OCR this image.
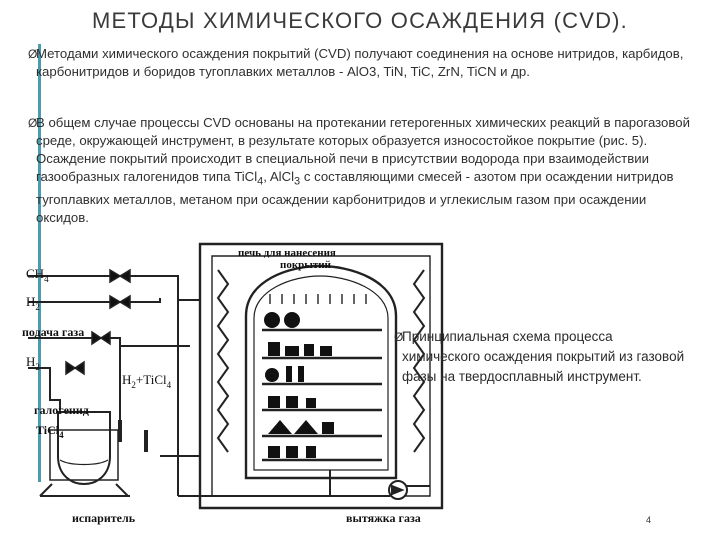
МЕТОДЫ ХИМИЧЕСКОГО ОСАЖДЕНИЯ (CVD).
Ø
Методами химического осаждения покрытий (CVD) получают соединения на основе нитридов, карбидов, карбонитридов и боридов тугоплавких металлов - AlO3, TiN, TiC, ZrN, TiCN и др.
Ø
В общем случае процессы CVD основаны на протекании гетерогенных химических реакций в парогазовой среде, окружающей инструмент, в результате которых образуется износостойкое покрытие (рис. 5). Осаждение покрытий происходит в специальной печи в присутствии водорода при взаимодействии газообразных галогенидов типа TiCl$_4$, AlCl$_3$ с составляющими смесей - азотом при осаждении нитридов тугоплавких металлов, метаном при осаждении карбонитридов и углекислым газом при осаждении оксидов.
$CH_4$
$H_2$
подача газа
$H_2$
$H_2+TiCl_4$
галогенид
TiCl$_4$
печь для нанесения
покрытий
испаритель	вытяжка газа
Ø
Принципиальная схема процесса химического осаждения покрытий из газовой фазы на твердосплавный инструмент.
4
